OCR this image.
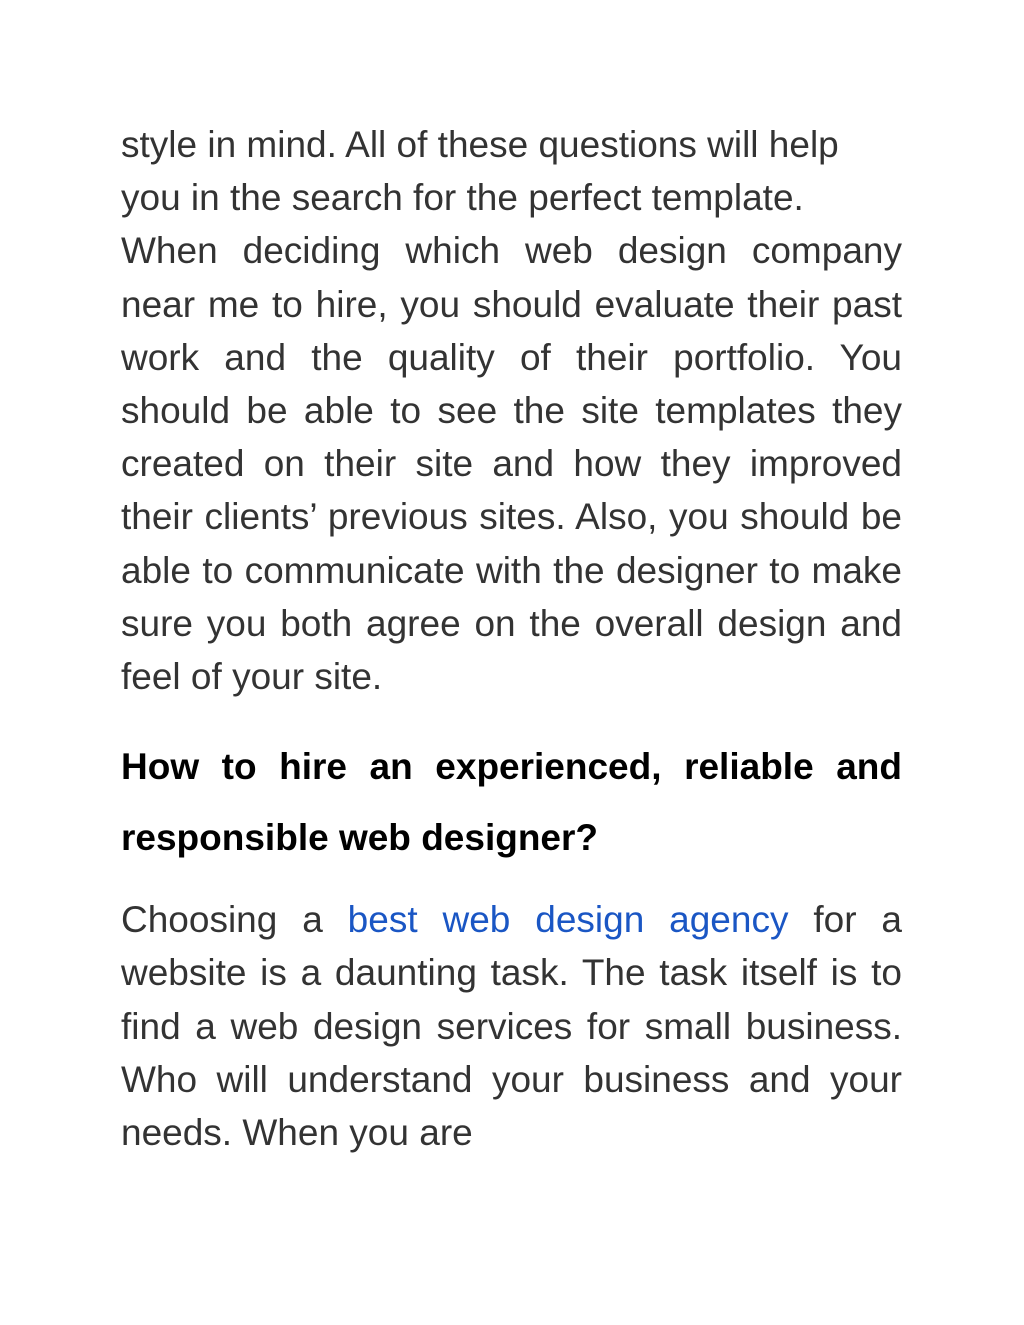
style in mind. All of these questions will help you in the search for the perfect template.

When deciding which web design company near me to hire, you should evaluate their past work and the quality of their portfolio. You should be able to see the site templates they created on their site and how they improved their clients’ previous sites. Also, you should be able to communicate with the designer to make sure you both agree on the overall design and feel of your site.

How to hire an experienced, reliable and responsible web designer?

Choosing a best web design agency for a website is a daunting task. The task itself is to find a web design services for small business. Who will understand your business and your needs. When you are
